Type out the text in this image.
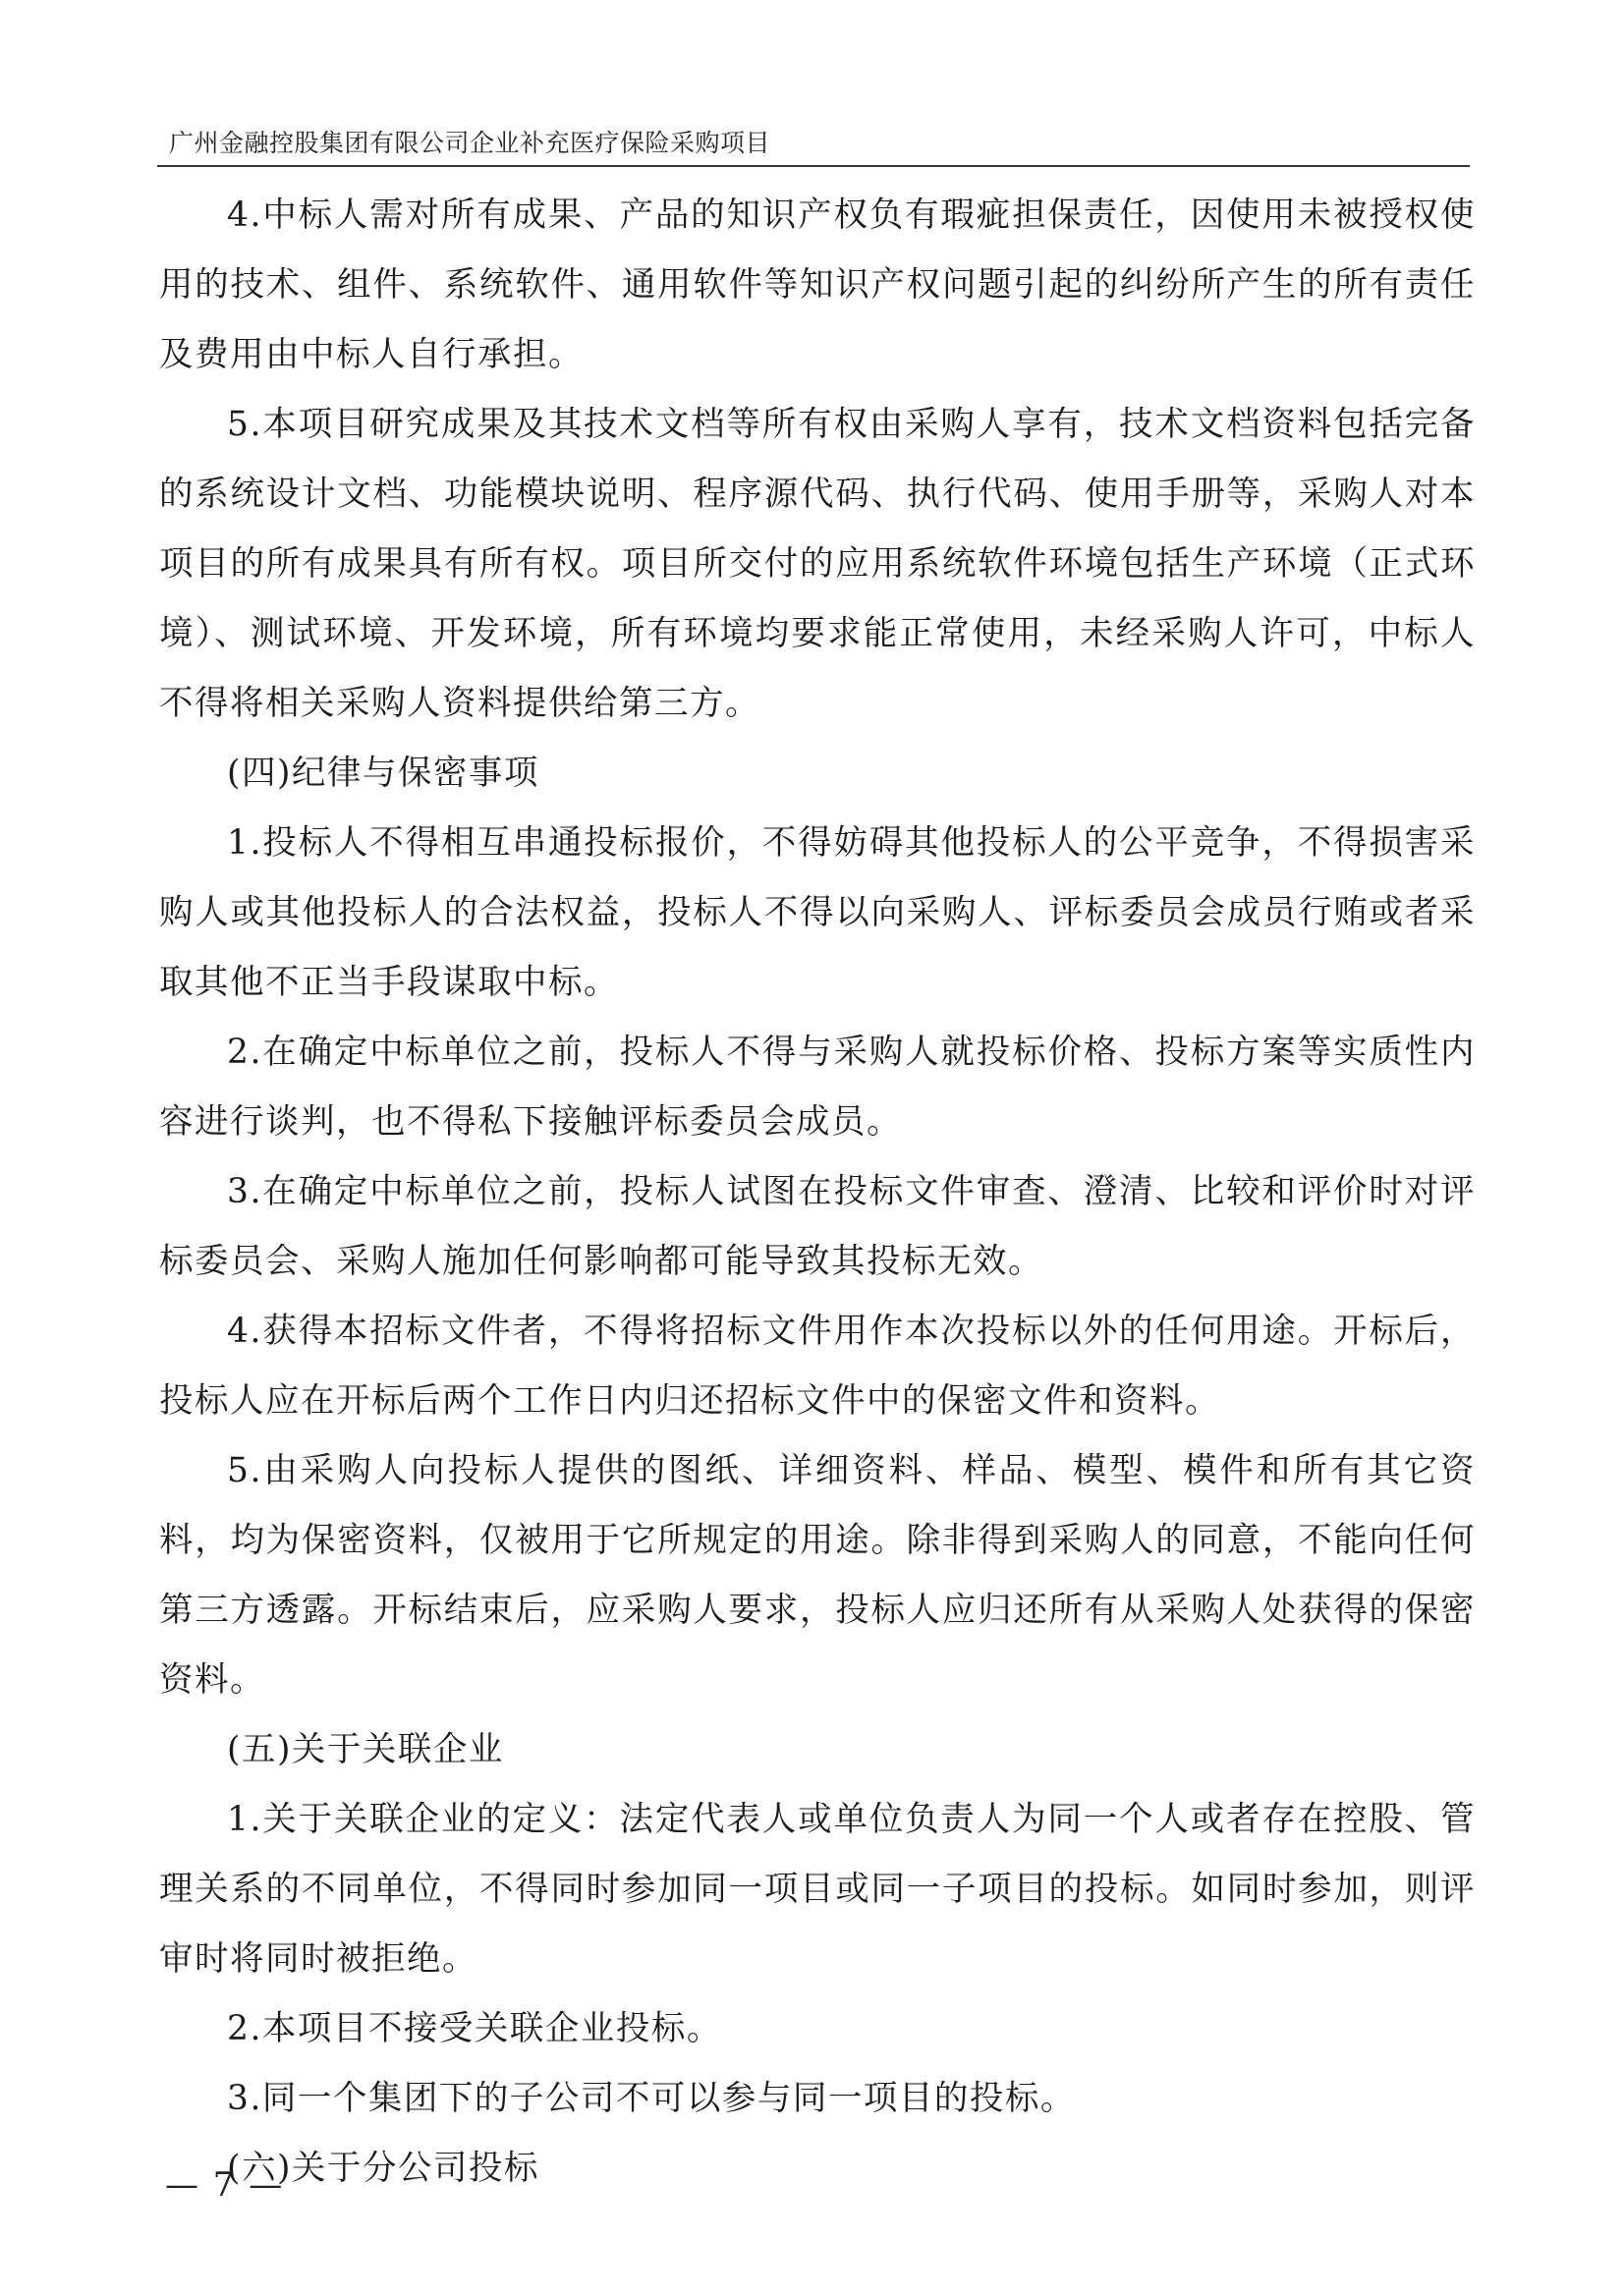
广州金融控股集团有限公司企业补充医疗保险采购项目

4.中标人需对所有成果、产品的知识产权负有瑕疵担保责任，因使用未被授权使用的技术、组件、系统软件、通用软件等知识产权问题引起的纠纷所产生的所有责任及费用由中标人自行承担。

5.本项目研究成果及其技术文档等所有权由采购人享有，技术文档资料包括完备的系统设计文档、功能模块说明、程序源代码、执行代码、使用手册等，采购人对本项目的所有成果具有所有权。项目所交付的应用系统软件环境包括生产环境（正式环境）、测试环境、开发环境，所有环境均要求能正常使用，未经采购人许可，中标人不得将相关采购人资料提供给第三方。

(四)纪律与保密事项

1.投标人不得相互串通投标报价，不得妨碍其他投标人的公平竞争，不得损害采购人或其他投标人的合法权益，投标人不得以向采购人、评标委员会成员行贿或者采取其他不正当手段谋取中标。

2.在确定中标单位之前，投标人不得与采购人就投标价格、投标方案等实质性内容进行谈判，也不得私下接触评标委员会成员。

3.在确定中标单位之前，投标人试图在投标文件审查、澄清、比较和评价时对评标委员会、采购人施加任何影响都可能导致其投标无效。

4.获得本招标文件者，不得将招标文件用作本次投标以外的任何用途。开标后，投标人应在开标后两个工作日内归还招标文件中的保密文件和资料。

5.由采购人向投标人提供的图纸、详细资料、样品、模型、模件和所有其它资料，均为保密资料，仅被用于它所规定的用途。除非得到采购人的同意，不能向任何第三方透露。开标结束后，应采购人要求，投标人应归还所有从采购人处获得的保密资料。

(五)关于关联企业

1.关于关联企业的定义：法定代表人或单位负责人为同一个人或者存在控股、管理关系的不同单位，不得同时参加同一项目或同一子项目的投标。如同时参加，则评审时将同时被拒绝。

2.本项目不接受关联企业投标。

3.同一个集团下的子公司不可以参与同一项目的投标。

(六)关于分公司投标

— 7 —
